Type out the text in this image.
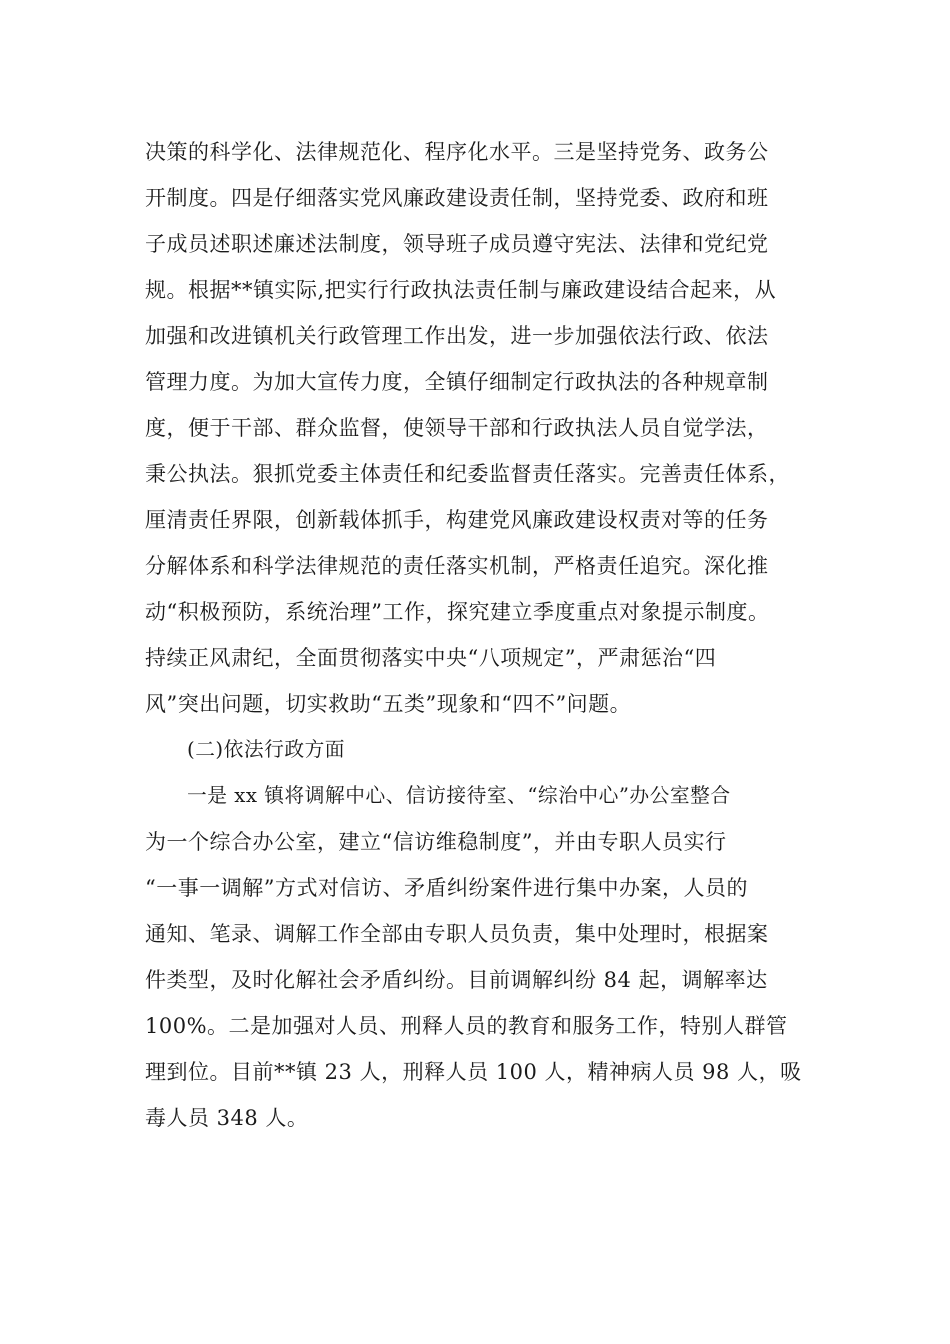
决策的科学化、法律规范化、程序化水平。三是坚持党务、政务公
开制度。四是仔细落实党风廉政建设责任制，坚持党委、政府和班
子成员述职述廉述法制度，领导班子成员遵守宪法、法律和党纪党
规。根据**镇实际,把实行行政执法责任制与廉政建设结合起来，从
加强和改进镇机关行政管理工作出发，进一步加强依法行政、依法
管理力度。为加大宣传力度，全镇仔细制定行政执法的各种规章制
度，便于干部、群众监督，使领导干部和行政执法人员自觉学法，
秉公执法。狠抓党委主体责任和纪委监督责任落实。完善责任体系，
厘清责任界限，创新载体抓手，构建党风廉政建设权责对等的任务
分解体系和科学法律规范的责任落实机制，严格责任追究。深化推
动“积极预防，系统治理”工作，探究建立季度重点对象提示制度。
持续正风肃纪，全面贯彻落实中央“八项规定”，严肃惩治“四
风”突出问题，切实救助“五类”现象和“四不”问题。
(二)依法行政方面
一是 xx 镇将调解中心、信访接待室、“综治中心”办公室整合
为一个综合办公室，建立“信访维稳制度”，并由专职人员实行
“一事一调解”方式对信访、矛盾纠纷案件进行集中办案，人员的
通知、笔录、调解工作全部由专职人员负责，集中处理时，根据案
件类型，及时化解社会矛盾纠纷。目前调解纠纷 84 起，调解率达
100%。二是加强对人员、刑释人员的教育和服务工作，特别人群管
理到位。目前**镇 23 人，刑释人员 100 人，精神病人员 98 人，吸
毒人员 348 人。
